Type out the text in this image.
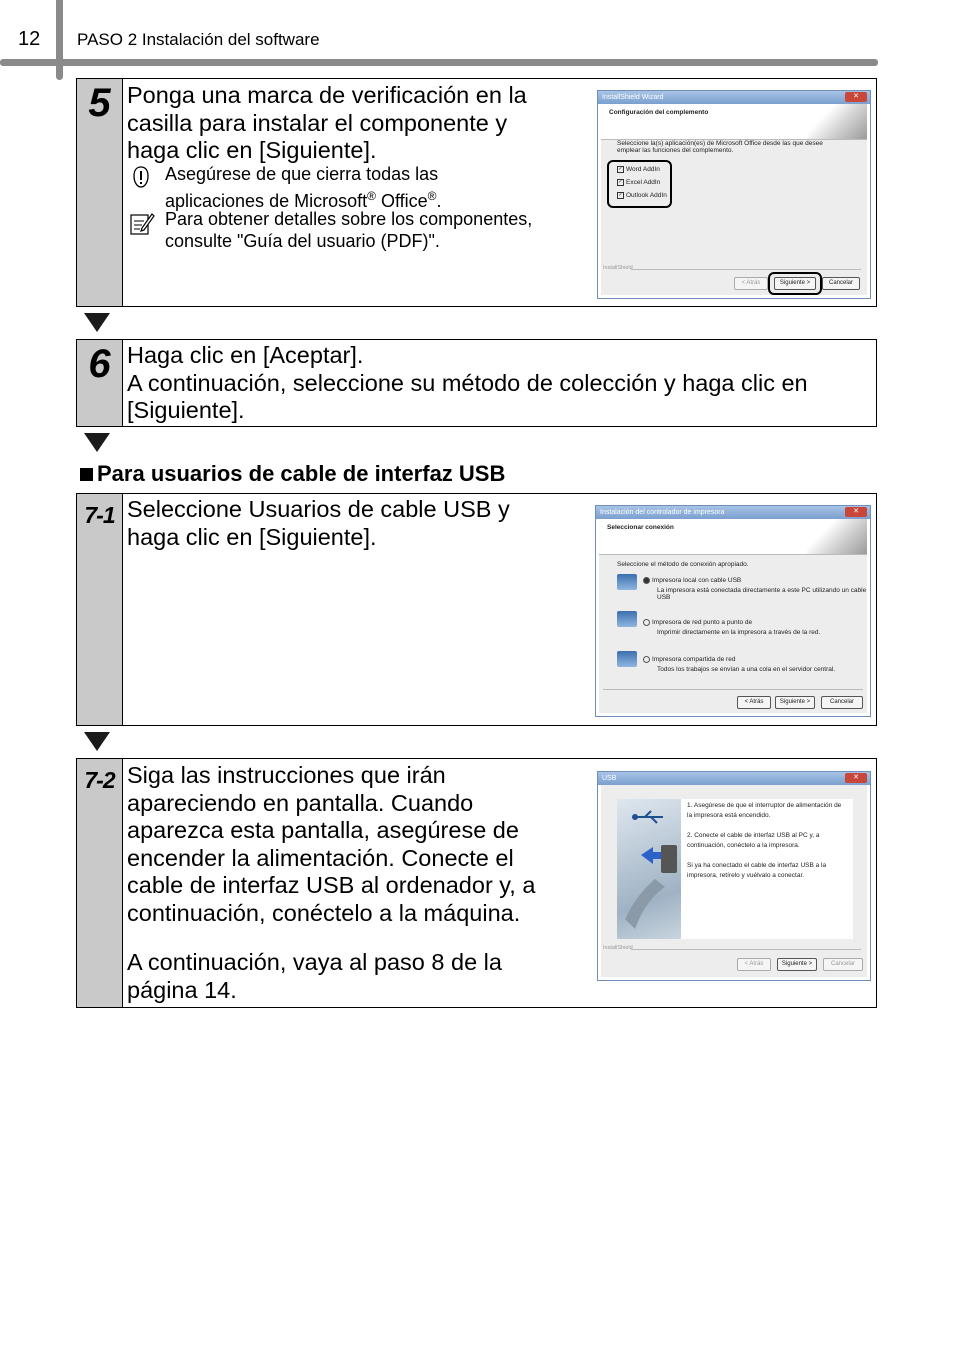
12 PASO 2 Instalación del software
5 Ponga una marca de verificación en la
casilla para instalar el componente y
haga clic en [Siguiente].
Asegúrese de que cierra todas las
aplicaciones de Microsoft® Office®.
Para obtener detalles sobre los componentes,
consulte "Guía del usuario (PDF)".
InstallShield Wizard	✕
Configuración del complemento
Seleccione la(s) aplicación(es) de Microsoft Office desde las que desee emplear las funciones del complemento.
✓ Word AddIn
✓ Excel AddIn
✓ Outlook AddIn
InstallShield
< Atrás	Siguiente >	Cancelar
6 Haga clic en [Aceptar].
A continuación, seleccione su método de colección y haga clic en
[Siguiente].
Para usuarios de cable de interfaz USB
7-1 Seleccione Usuarios de cable USB y
haga clic en [Siguiente].
Instalación del controlador de impresora	✕
Seleccionar conexión
Seleccione el método de conexión apropiado.
Impresora local con cable USB
La impresora está conectada directamente a este PC utilizando un cable USB
Impresora de red punto a punto de
Imprimir directamente en la impresora a través de la red.
Impresora compartida de red
Todos los trabajos se envían a una cola en el servidor central.
< Atrás	Siguiente >	Cancelar
7-2 Siga las instrucciones que irán
apareciendo en pantalla. Cuando
aparezca esta pantalla, asegúrese de
encender la alimentación. Conecte el
cable de interfaz USB al ordenador y, a
continuación, conéctelo a la máquina.
A continuación, vaya al paso 8 de la
página 14.
USB	✕
1. Asegúrese de que el interruptor de alimentación de la impresora está encendido.
2. Conecte el cable de interfaz USB al PC y, a continuación, conéctelo a la impresora.
Si ya ha conectado el cable de interfaz USB a la impresora, retírelo y vuélvalo a conectar.
InstallShield
< Atrás	Siguiente >	Cancelar
